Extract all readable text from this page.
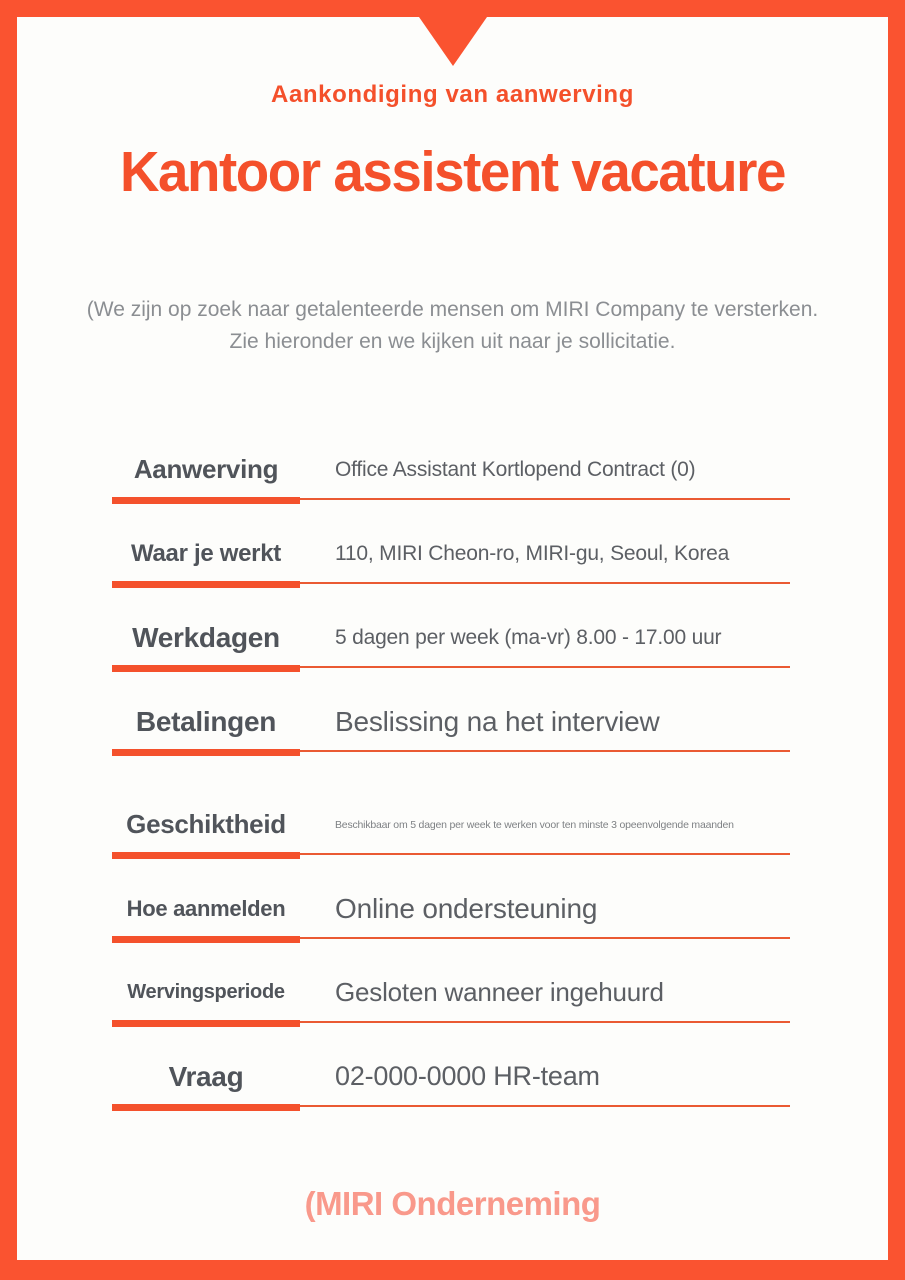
Aankondiging van aanwerving
Kantoor assistent vacature
(We zijn op zoek naar getalenteerde mensen om MIRI Company te versterken.
Zie hieronder en we kijken uit naar je sollicitatie.
Aanwerving	Office Assistant Kortlopend Contract (0)
Waar je werkt	110, MIRI Cheon-ro, MIRI-gu, Seoul, Korea
Werkdagen	5 dagen per week (ma-vr) 8.00 - 17.00 uur
Betalingen	Beslissing na het interview
Geschiktheid	Beschikbaar om 5 dagen per week te werken voor ten minste 3 opeenvolgende maanden
Hoe aanmelden	Online ondersteuning
Wervingsperiode	Gesloten wanneer ingehuurd
Vraag	02-000-0000 HR-team
(MIRI Onderneming
